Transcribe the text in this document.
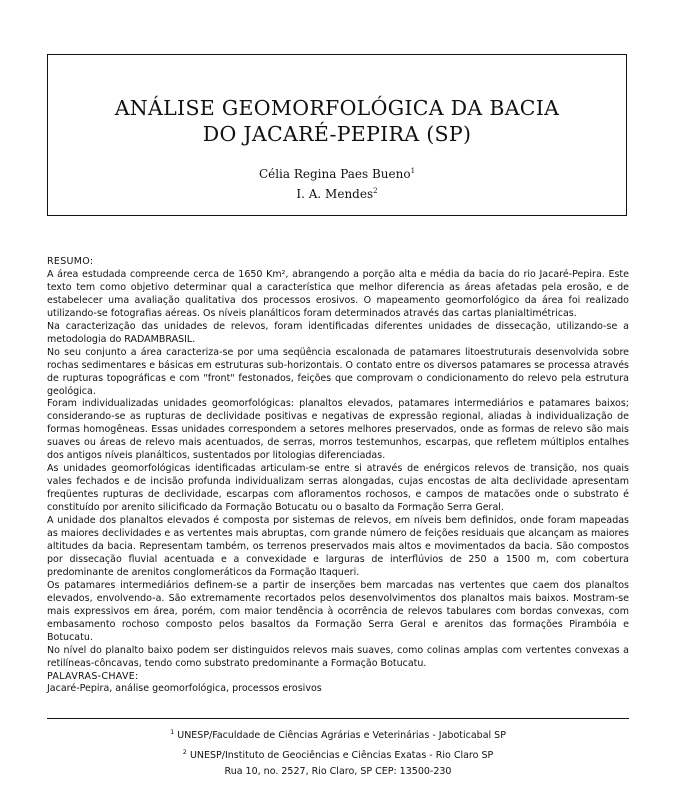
ANÁLISE GEOMORFOLÓGICA DA BACIA
DO JACARÉ-PEPIRA (SP)
Célia Regina Paes Bueno$^1$
I. A. Mendes$^2$

RESUMO:

A área estudada compreende cerca de 1650 Km², abrangendo a porção alta e média da bacia do rio Jacaré-Pepira. Este texto tem como objetivo determinar qual a característica que melhor diferencia as áreas afetadas pela erosão, e de estabelecer uma avaliação qualitativa dos processos erosivos. O mapeamento geomorfológico da área foi realizado utilizando-se fotografias aéreas. Os níveis planálticos foram determinados através das cartas planialtimétricas.

Na caracterização das unidades de relevos, foram identificadas diferentes unidades de dissecação, utilizando-se a metodologia do RADAMBRASIL.

No seu conjunto a área caracteriza-se por uma seqüência escalonada de patamares litoestruturais desenvolvida sobre rochas sedimentares e básicas em estruturas sub-horizontais. O contato entre os diversos patamares se processa através de rupturas topográficas e com "front" festonados, feições que comprovam o condicionamento do relevo pela estrutura geológica.

Foram individualizadas unidades geomorfológicas: planaltos elevados, patamares intermediários e patamares baixos; considerando-se as rupturas de declividade positivas e negativas de expressão regional, aliadas à individualização de formas homogêneas. Essas unidades correspondem a setores melhores preservados, onde as formas de relevo são mais suaves ou áreas de relevo mais acentuados, de serras, morros testemunhos, escarpas, que refletem múltiplos entalhes dos antigos níveis planálticos, sustentados por litologias diferenciadas.

As unidades geomorfológicas identificadas articulam-se entre si através de enérgicos relevos de transição, nos quais vales fechados e de incisão profunda individualizam serras alongadas, cujas encostas de alta declividade apresentam freqüentes rupturas de declividade, escarpas com afloramentos rochosos, e campos de matacões onde o substrato é constituído por arenito silicificado da Formação Botucatu ou o basalto da Formação Serra Geral.

A unidade dos planaltos elevados é composta por sistemas de relevos, em níveis bem definidos, onde foram mapeadas as maiores declividades e as vertentes mais abruptas, com grande número de feições residuais que alcançam as maiores altitudes da bacia. Representam também, os terrenos preservados mais altos e movimentados da bacia. São compostos por dissecação fluvial acentuada e a convexidade e larguras de interflúvios de 250 a 1500 m, com cobertura predominante de arenitos conglomeráticos da Formação Itaqueri.

Os patamares intermediários definem-se a partir de inserções bem marcadas nas vertentes que caem dos planaltos elevados, envolvendo-a. São extremamente recortados pelos desenvolvimentos dos planaltos mais baixos. Mostram-se mais expressivos em área, porém, com maior tendência à ocorrência de relevos tabulares com bordas convexas, com embasamento rochoso composto pelos basaltos da Formação Serra Geral e arenitos das formações Pirambóia e Botucatu.

No nível do planalto baixo podem ser distinguidos relevos mais suaves, como colinas amplas com vertentes convexas a retilíneas-côncavas, tendo como substrato predominante a Formação Botucatu.

PALAVRAS-CHAVE:

Jacaré-Pepira, análise geomorfológica, processos erosivos

$^1$ UNESP/Faculdade de Ciências Agrárias e Veterinárias - Jaboticabal SP
$^2$ UNESP/Instituto de Geociências e Ciências Exatas - Rio Claro SP
Rua 10, no. 2527, Rio Claro, SP CEP: 13500-230
